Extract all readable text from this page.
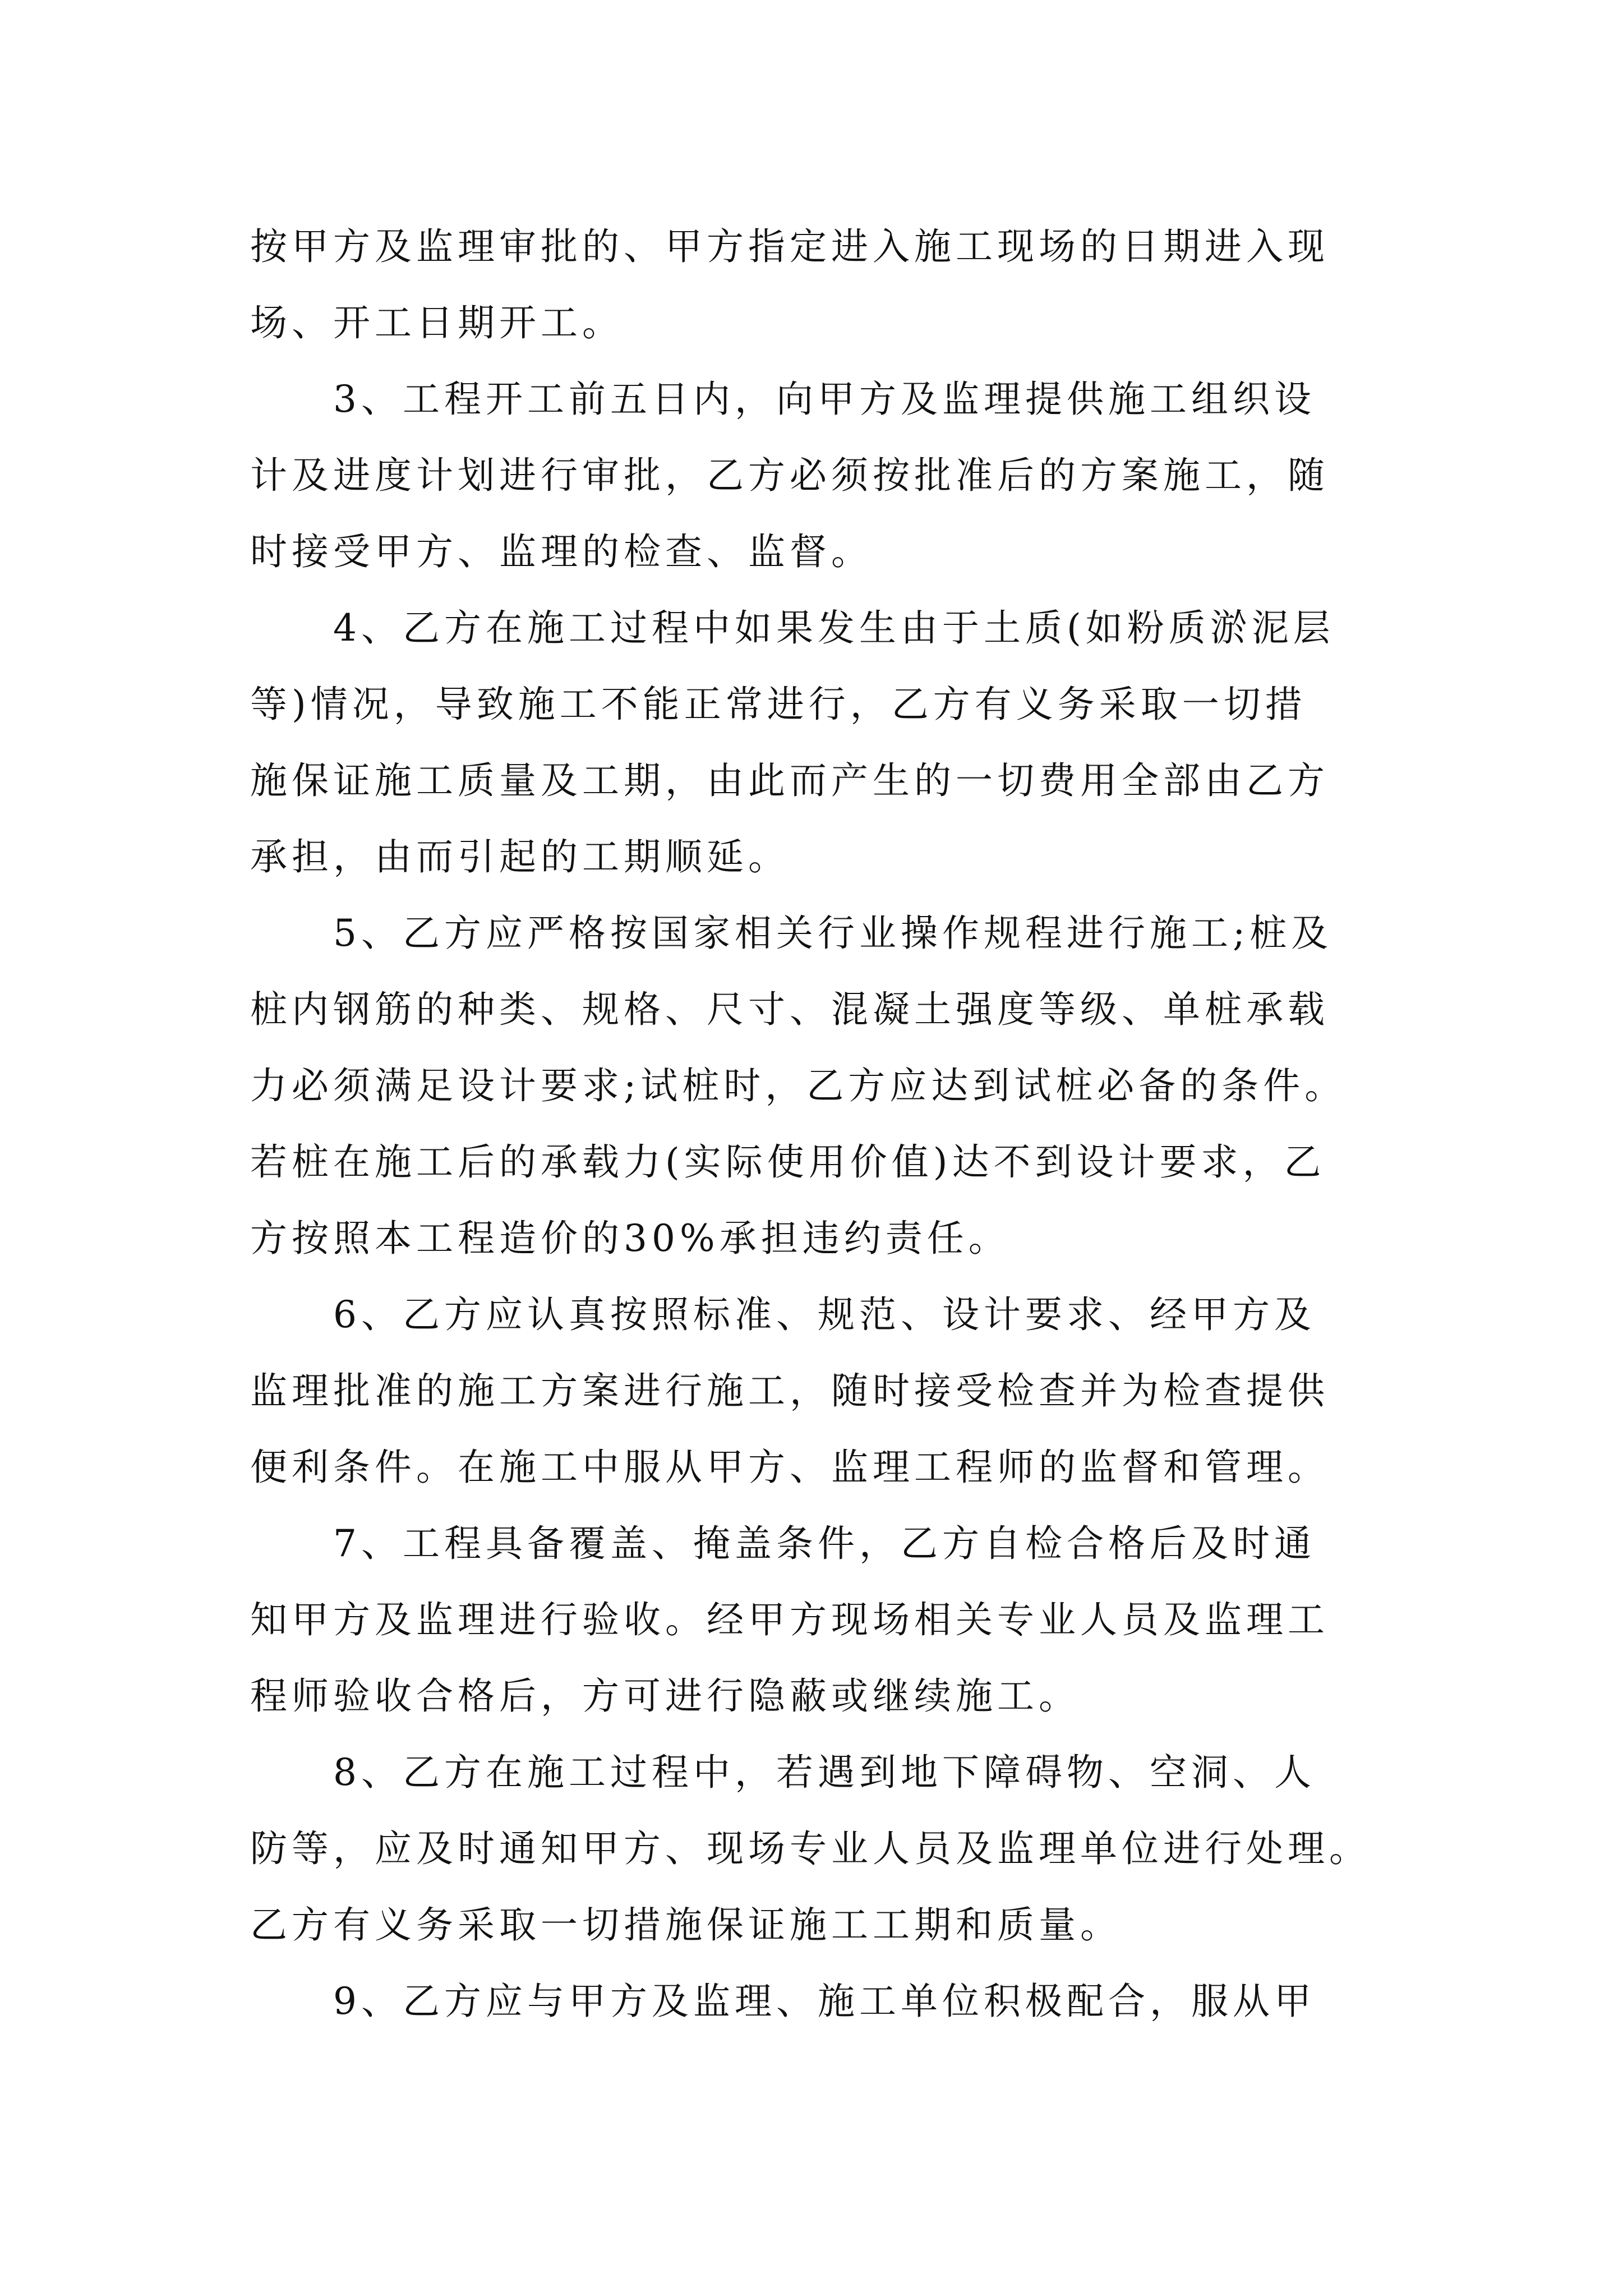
按甲方及监理审批的、甲方指定进入施工现场的日期进入现
场、开工日期开工。
3、工程开工前五日内，向甲方及监理提供施工组织设
计及进度计划进行审批，乙方必须按批准后的方案施工，随
时接受甲方、监理的检查、监督。
4、乙方在施工过程中如果发生由于土质(如粉质淤泥层
等)情况，导致施工不能正常进行，乙方有义务采取一切措
施保证施工质量及工期，由此而产生的一切费用全部由乙方
承担，由而引起的工期顺延。
5、乙方应严格按国家相关行业操作规程进行施工;桩及
桩内钢筋的种类、规格、尺寸、混凝土强度等级、单桩承载
力必须满足设计要求;试桩时，乙方应达到试桩必备的条件。
若桩在施工后的承载力(实际使用价值)达不到设计要求，乙
方按照本工程造价的30%承担违约责任。
6、乙方应认真按照标准、规范、设计要求、经甲方及
监理批准的施工方案进行施工，随时接受检查并为检查提供
便利条件。在施工中服从甲方、监理工程师的监督和管理。
7、工程具备覆盖、掩盖条件，乙方自检合格后及时通
知甲方及监理进行验收。经甲方现场相关专业人员及监理工
程师验收合格后，方可进行隐蔽或继续施工。
8、乙方在施工过程中，若遇到地下障碍物、空洞、人
防等，应及时通知甲方、现场专业人员及监理单位进行处理。
乙方有义务采取一切措施保证施工工期和质量。
9、乙方应与甲方及监理、施工单位积极配合，服从甲
